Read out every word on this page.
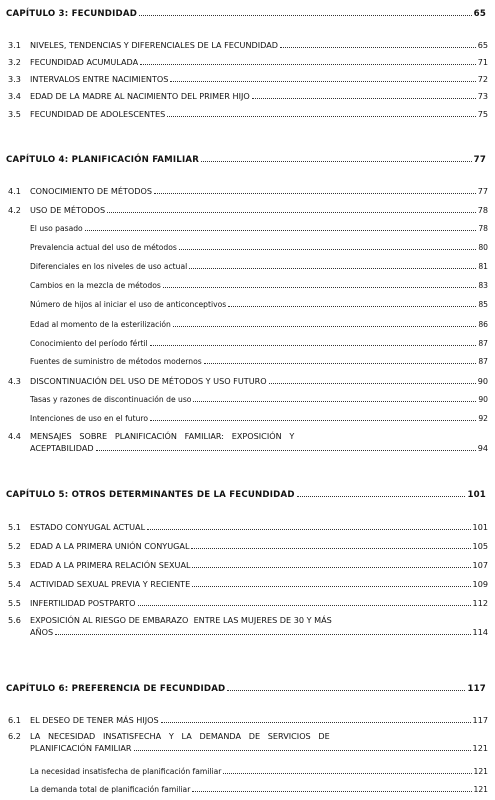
CAPÍTULO 3: FECUNDIDAD	65
3.1	NIVELES, TENDENCIAS Y DIFERENCIALES DE LA FECUNDIDAD	65
3.2	FECUNDIDAD ACUMULADA	71
3.3	INTERVALOS ENTRE NACIMIENTOS	72
3.4	EDAD DE LA MADRE AL NACIMIENTO DEL PRIMER HIJO	73
3.5	FECUNDIDAD DE ADOLESCENTES	75
CAPÍTULO 4: PLANIFICACIÓN FAMILIAR	77
4.1	CONOCIMIENTO DE MÉTODOS	77
4.2	USO DE MÉTODOS	78
El uso pasado	78
Prevalencia actual del uso de métodos	80
Diferenciales en los niveles de uso actual	81
Cambios en la mezcla de métodos	83
Número de hijos al iniciar el uso de anticonceptivos	85
Edad al momento de la esterilización	86
Conocimiento del período fértil	87
Fuentes de suministro de métodos modernos	87
4.3	DISCONTINUACIÓN DEL USO DE MÉTODOS Y USO FUTURO	90
Tasas y razones de discontinuación de uso	90
Intenciones de uso en el futuro	92
4.4	MENSAJES   SOBRE   PLANIFICACIÓN   FAMILIAR:   EXPOSICIÓN   Y
ACEPTABILIDAD	94
CAPÍTULO 5: OTROS DETERMINANTES DE LA FECUNDIDAD	101
5.1	ESTADO CONYUGAL ACTUAL	101
5.2	EDAD A LA PRIMERA UNIÓN CONYUGAL	105
5.3	EDAD A LA PRIMERA RELACIÓN SEXUAL	107
5.4	ACTIVIDAD SEXUAL PREVIA Y RECIENTE	109
5.5	INFERTILIDAD POSTPARTO	112
5.6	EXPOSICIÓN AL RIESGO DE EMBARAZO  ENTRE LAS MUJERES DE 30 Y MÁS
AÑOS	114
CAPÍTULO 6: PREFERENCIA DE FECUNDIDAD	117
6.1	EL DESEO DE TENER MÁS HIJOS	117
6.2	LA   NECESIDAD   INSATISFECHA   Y   LA   DEMANDA   DE   SERVICIOS   DE
PLANIFICACIÓN FAMILIAR	121
La necesidad insatisfecha de planificación familiar	121
La demanda total de planificación familiar	121
